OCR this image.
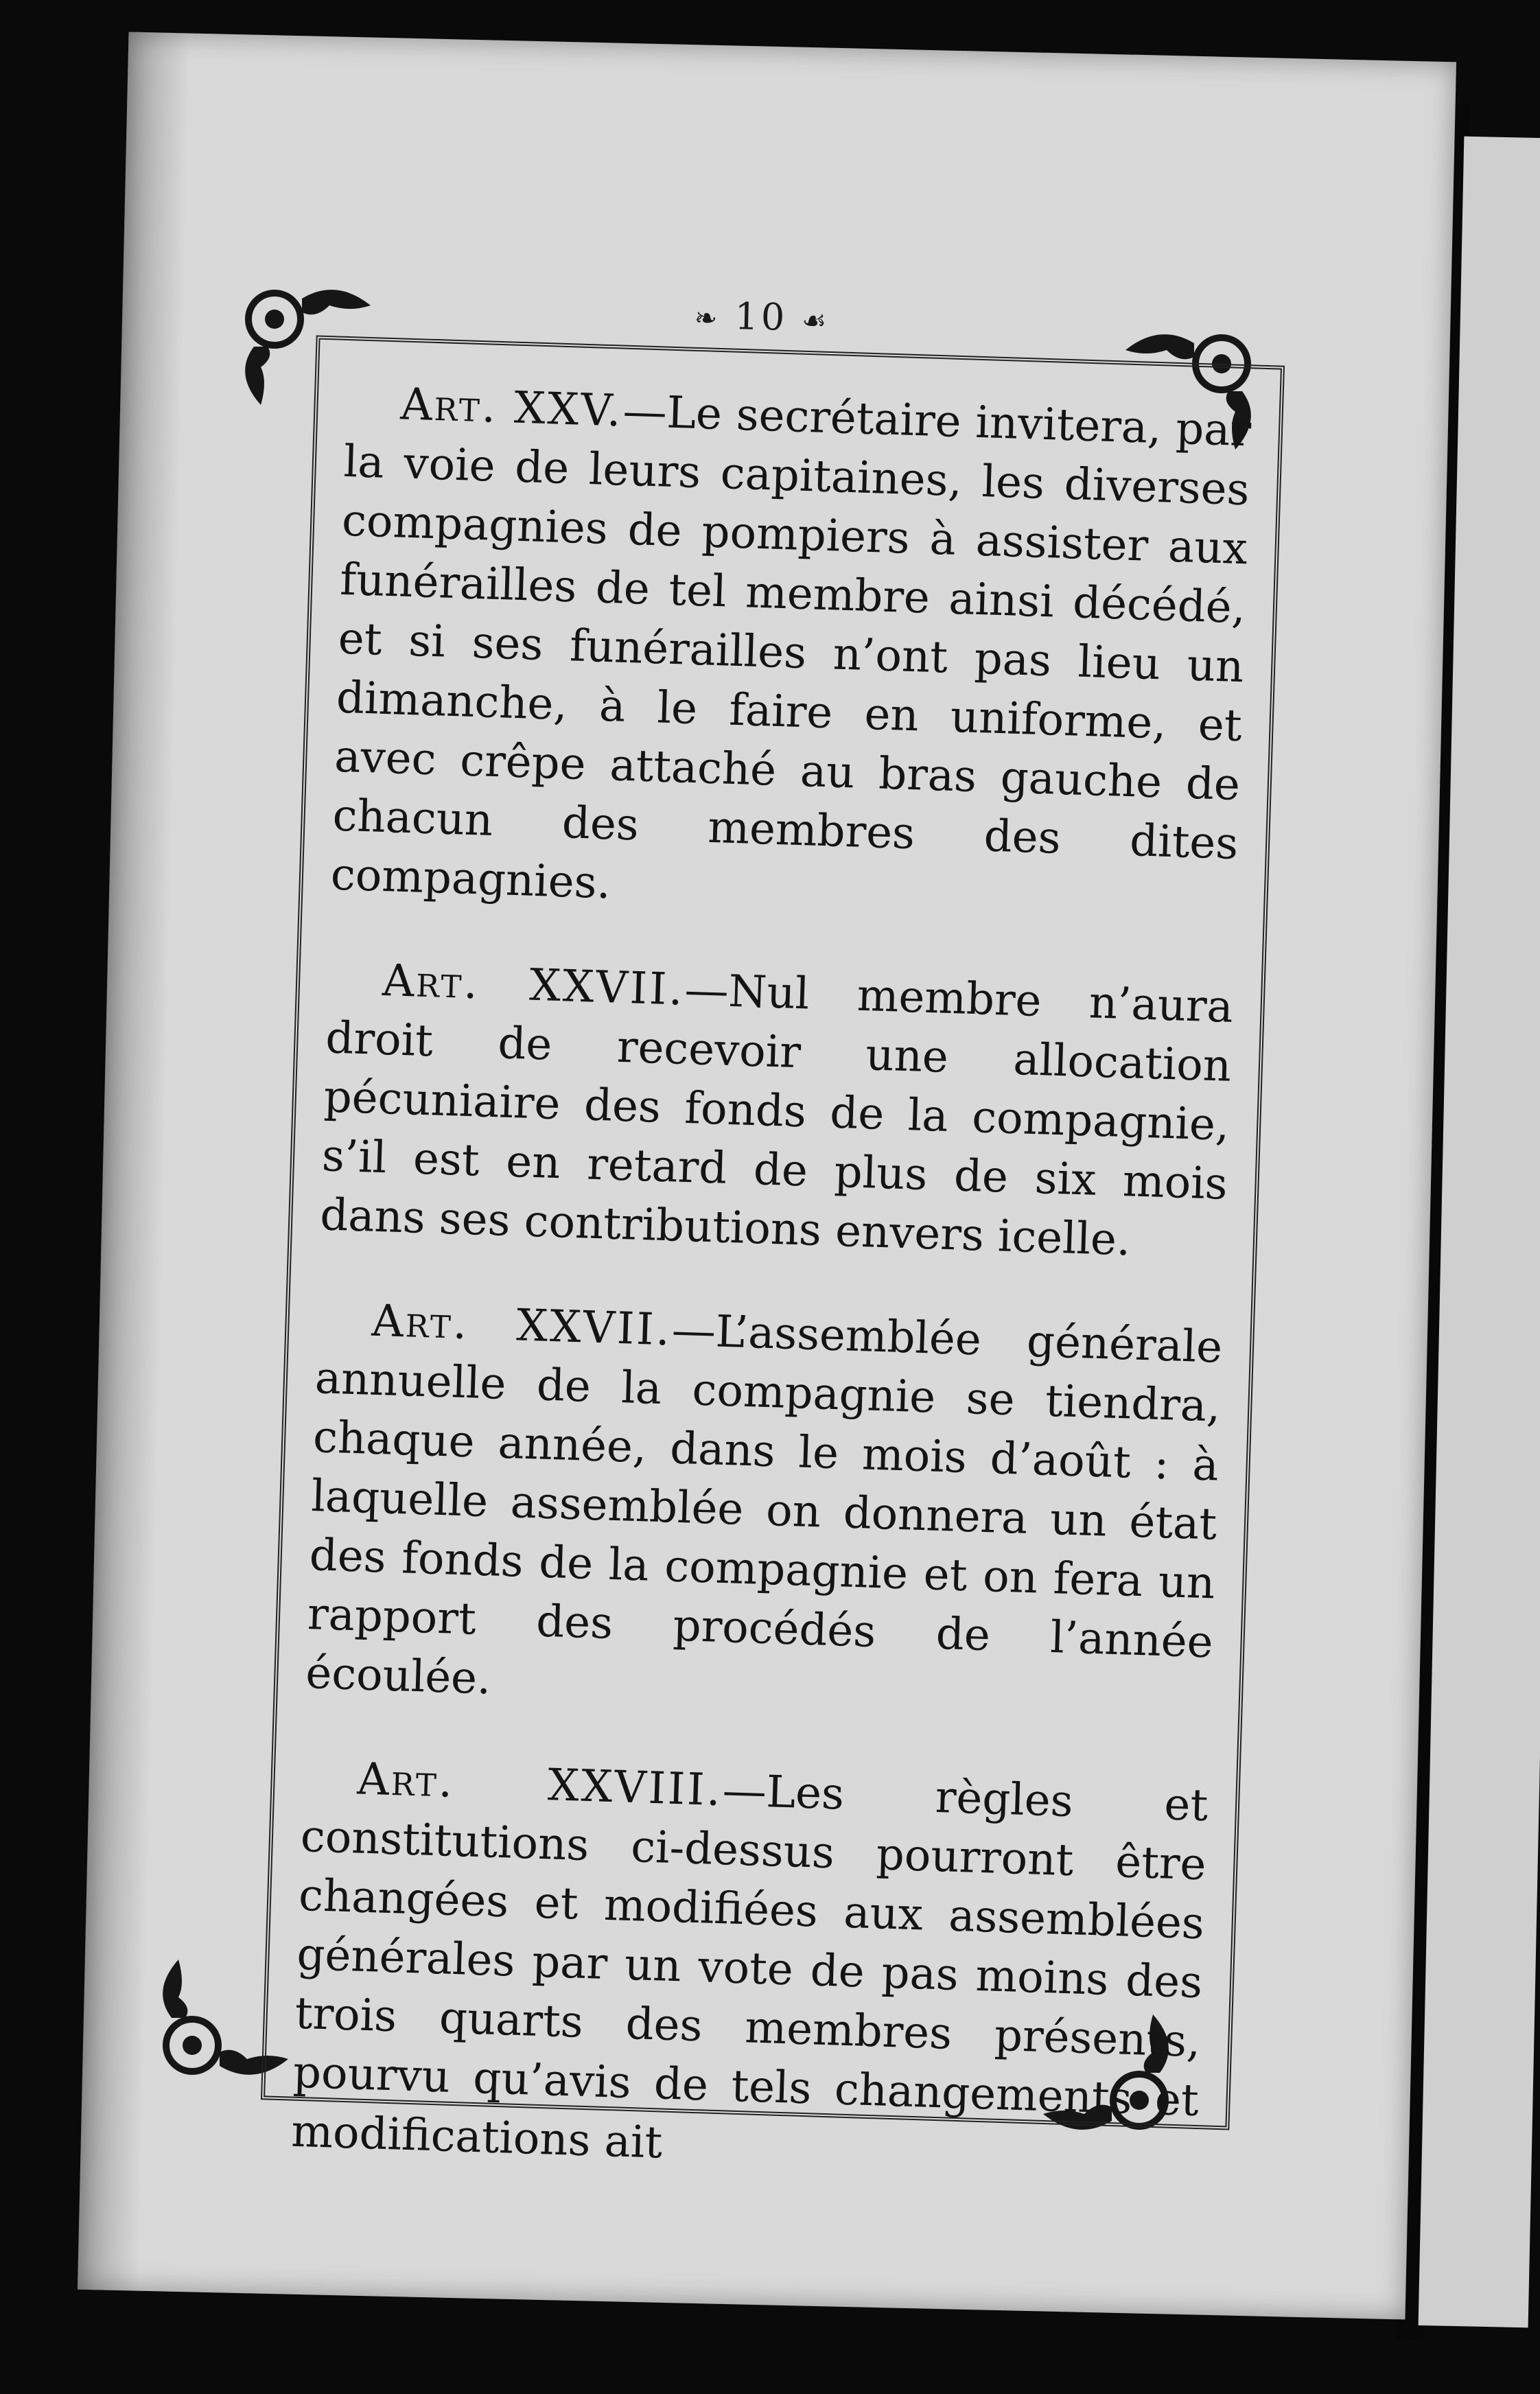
❧ 10 ☙

Art. XXV.—Le secrétaire invitera, par la voie de leurs capitaines, les diverses compagnies de pompiers à assister aux funérailles de tel membre ainsi décédé, et si ses funérailles n’ont pas lieu un dimanche, à le faire en uniforme, et avec crêpe attaché au bras gauche de chacun des membres des dites compagnies.

Art. XXVII.—Nul membre n’aura droit de recevoir une allocation pécuniaire des fonds de la compagnie, s’il est en retard de plus de six mois dans ses contributions envers icelle.

Art. XXVII.—L’assemblée générale annuelle de la compagnie se tiendra, chaque année, dans le mois d’août : à laquelle assemblée on donnera un état des fonds de la compagnie et on fera un rapport des procédés de l’année écoulée.

Art. XXVIII.—Les règles et constitutions ci-dessus pourront être changées et modifiées aux assemblées générales par un vote de pas moins des trois quarts des membres présents, pourvu qu’avis de tels changements et modifications ait
